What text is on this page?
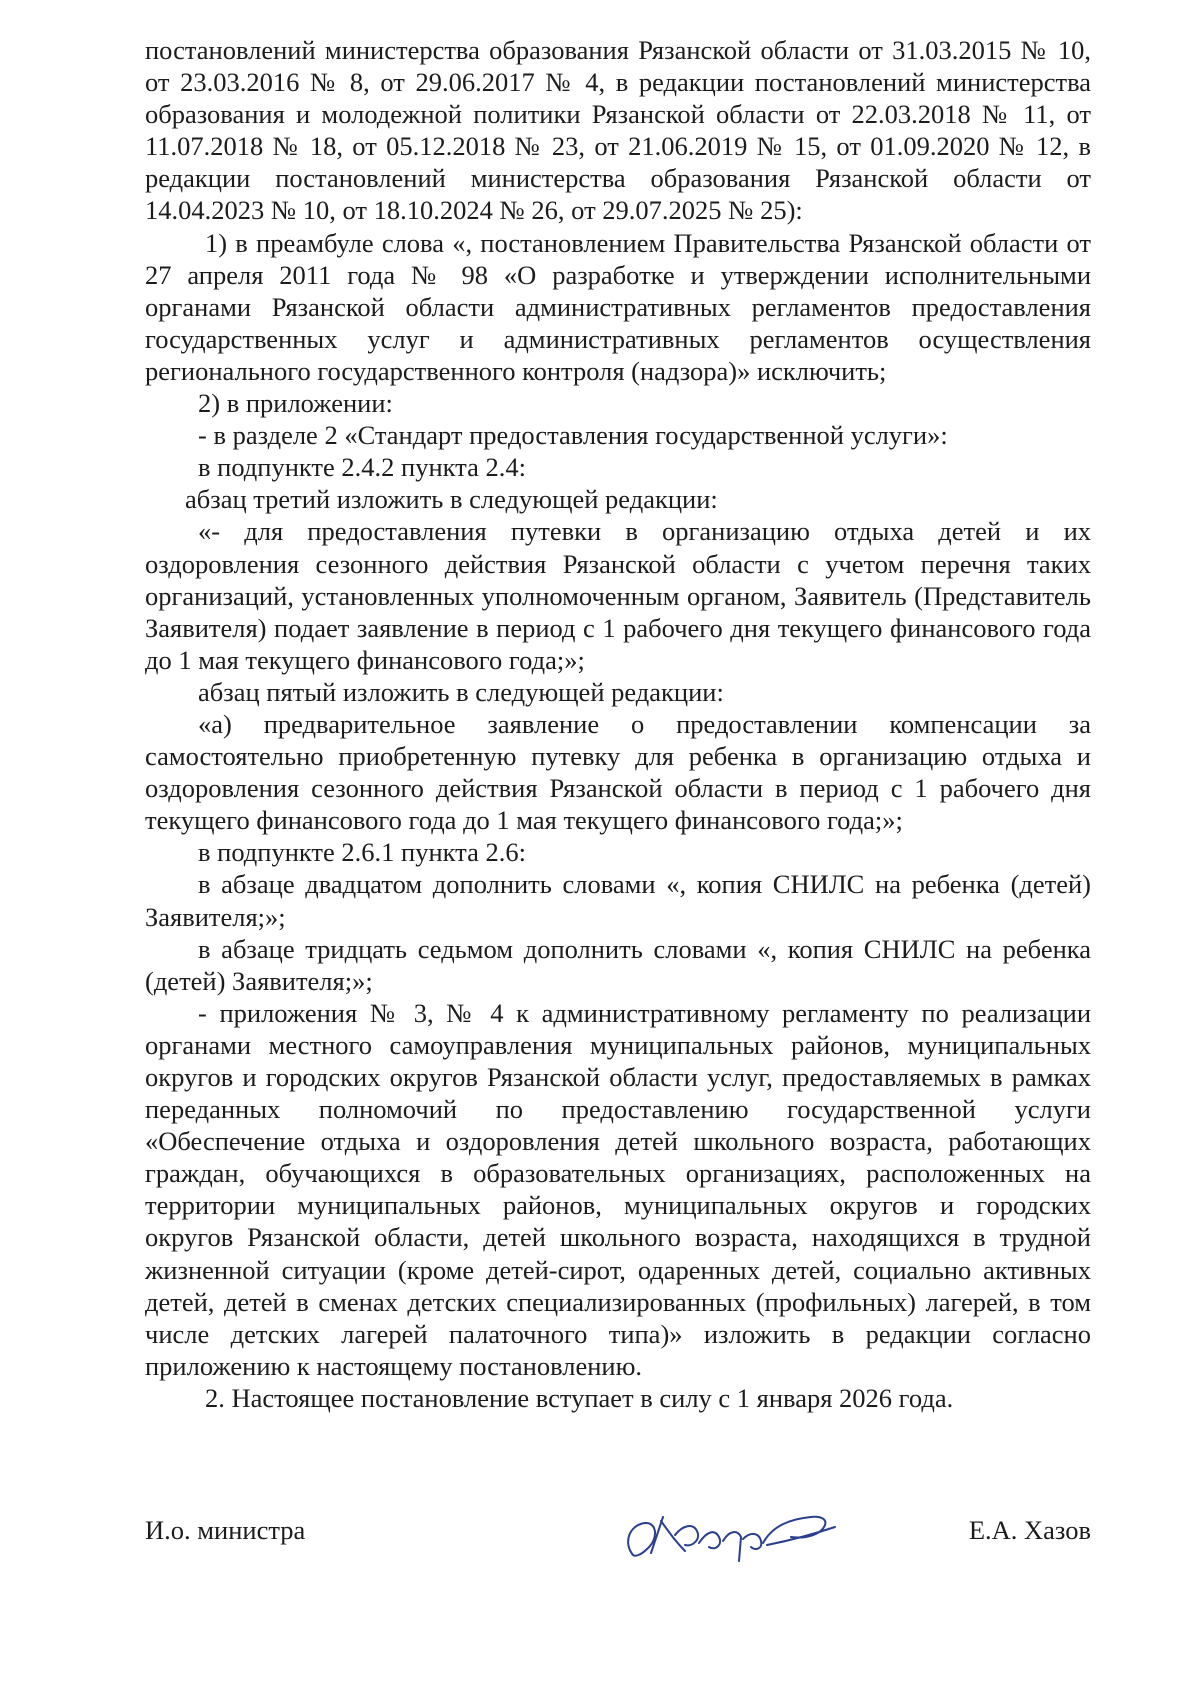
постановлений министерства образования Рязанской области от 31.03.2015 № 10, от 23.03.2016 № 8, от 29.06.2017 № 4, в редакции постановлений министерства образования и молодежной политики Рязанской области от 22.03.2018 № 11, от 11.07.2018 № 18, от 05.12.2018 № 23, от 21.06.2019 № 15, от 01.09.2020 № 12, в редакции постановлений министерства образования Рязанской области от 14.04.2023 № 10, от 18.10.2024 № 26, от 29.07.2025 № 25):

1) в преамбуле слова «, постановлением Правительства Рязанской области от 27 апреля 2011 года № 98 «О разработке и утверждении исполнительными органами Рязанской области административных регламентов предоставления государственных услуг и административных регламентов осуществления регионального государственного контроля (надзора)» исключить;

2) в приложении:

- в разделе 2 «Стандарт предоставления государственной услуги»:

в подпункте 2.4.2 пункта 2.4:

абзац третий изложить в следующей редакции:

«- для предоставления путевки в организацию отдыха детей и их оздоровления сезонного действия Рязанской области с учетом перечня таких организаций, установленных уполномоченным органом, Заявитель (Представитель Заявителя) подает заявление в период с 1 рабочего дня текущего финансового года до 1 мая текущего финансового года;»;

абзац пятый изложить в следующей редакции:

«а) предварительное заявление о предоставлении компенсации за самостоятельно приобретенную путевку для ребенка в организацию отдыха и оздоровления сезонного действия Рязанской области в период с 1 рабочего дня текущего финансового года до 1 мая текущего финансового года;»;

в подпункте 2.6.1 пункта 2.6:

в абзаце двадцатом дополнить словами «, копия СНИЛС на ребенка (детей) Заявителя;»;

в абзаце тридцать седьмом дополнить словами «, копия СНИЛС на ребенка (детей) Заявителя;»;

- приложения № 3, № 4 к административному регламенту по реализации органами местного самоуправления муниципальных районов, муниципальных округов и городских округов Рязанской области услуг, предоставляемых в рамках переданных полномочий по предоставлению государственной услуги «Обеспечение отдыха и оздоровления детей школьного возраста, работающих граждан, обучающихся в образовательных организациях, расположенных на территории муниципальных районов, муниципальных округов и городских округов Рязанской области, детей школьного возраста, находящихся в трудной жизненной ситуации (кроме детей-сирот, одаренных детей, социально активных детей, детей в сменах детских специализированных (профильных) лагерей, в том числе детских лагерей палаточного типа)» изложить в редакции согласно приложению к настоящему постановлению.

2. Настоящее постановление вступает в силу с 1 января 2026 года.

И.о. министра	Е.А. Хазов
